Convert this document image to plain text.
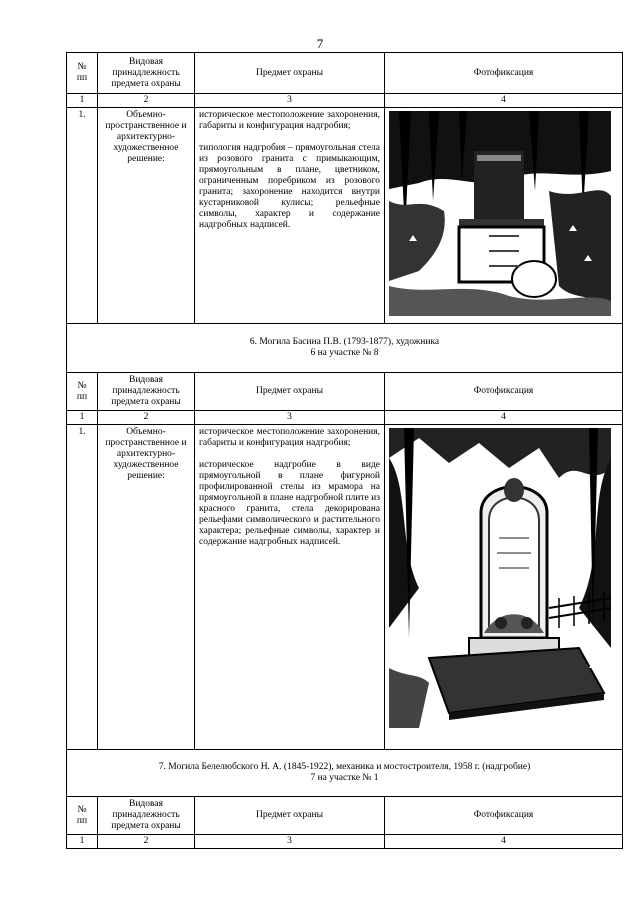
7
№
пп	Видовая принадлежность предмета охраны	Предмет охраны	Фотофиксация
1	2	3	4
1.	Объемно-пространственное и архитектурно-художественное решение:	историческое местоположение захоронения, габариты и конфигурация надгробия;

типология надгробия – прямоугольная стела из розового гранита с примыкающим, прямоугольным в плане, цветником, ограниченным поребриком из розового гранита; захоронение находится внутри кустарниковой кулисы; рельефные символы, характер и содержание надгробных надписей.

6. Могила Басина П.В. (1793-1877), художника
6 на участке № 8			

№
пп	Видовая принадлежность предмета охраны	Предмет охраны	Фотофиксация
1	2	3	4
1.	Объемно-пространственное и архитектурно-художественное решение:	историческое местоположение захоронения, габариты и конфигурация надгробия;

историческое надгробие в виде прямоугольной в плане фигурной профилированной стелы из мрамора на прямоугольной в плане надгробной плите из красного гранита, стела декорирована рельефами символического и растительного характера; рельефные символы, характер и содержание надгробных надписей.

7. Могила Белелюбского Н. А. (1845-1922), механика и мостостроителя, 1958 г. (надгробие)
7 на участке № 1			

№
пп	Видовая принадлежность предмета охраны	Предмет охраны	Фотофиксация
1	2	3	4
